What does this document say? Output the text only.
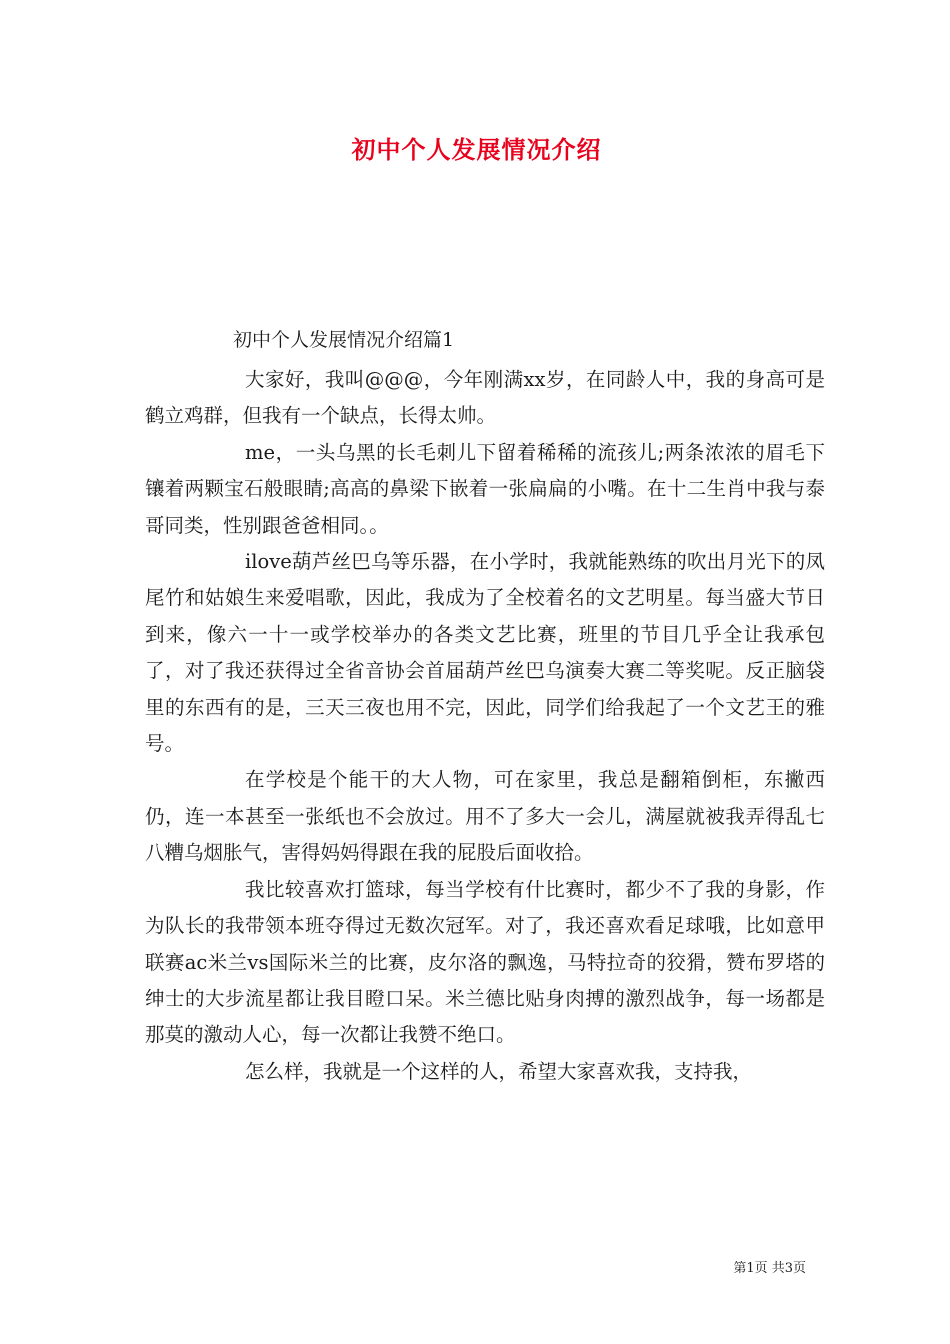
初中个人发展情况介绍
初中个人发展情况介绍篇1

大家好，我叫@@@，今年刚满xx岁，在同龄人中，我的身高可是鹤立鸡群，但我有一个缺点，长得太帅。

me，一头乌黑的长毛刺儿下留着稀稀的流孩儿;两条浓浓的眉毛下镶着两颗宝石般眼睛;高高的鼻梁下嵌着一张扁扁的小嘴。在十二生肖中我与泰哥同类，性别跟爸爸相同。。

ilove葫芦丝巴乌等乐器，在小学时，我就能熟练的吹出月光下的凤尾竹和姑娘生来爱唱歌，因此，我成为了全校着名的文艺明星。每当盛大节日到来，像六一十一或学校举办的各类文艺比赛，班里的节目几乎全让我承包了，对了我还获得过全省音协会首届葫芦丝巴乌演奏大赛二等奖呢。反正脑袋里的东西有的是，三天三夜也用不完，因此，同学们给我起了一个文艺王的雅号。

在学校是个能干的大人物，可在家里，我总是翻箱倒柜，东撇西仍，连一本甚至一张纸也不会放过。用不了多大一会儿，满屋就被我弄得乱七八糟乌烟胀气，害得妈妈得跟在我的屁股后面收拾。

我比较喜欢打篮球，每当学校有什比赛时，都少不了我的身影，作为队长的我带领本班夺得过无数次冠军。对了，我还喜欢看足球哦，比如意甲联赛ac米兰vs国际米兰的比赛，皮尔洛的飘逸，马特拉奇的狡猾，赞布罗塔的绅士的大步流星都让我目瞪口呆。米兰德比贴身肉搏的激烈战争，每一场都是那莫的激动人心，每一次都让我赞不绝口。

怎么样，我就是一个这样的人，希望大家喜欢我，支持我，

第1页 共3页
